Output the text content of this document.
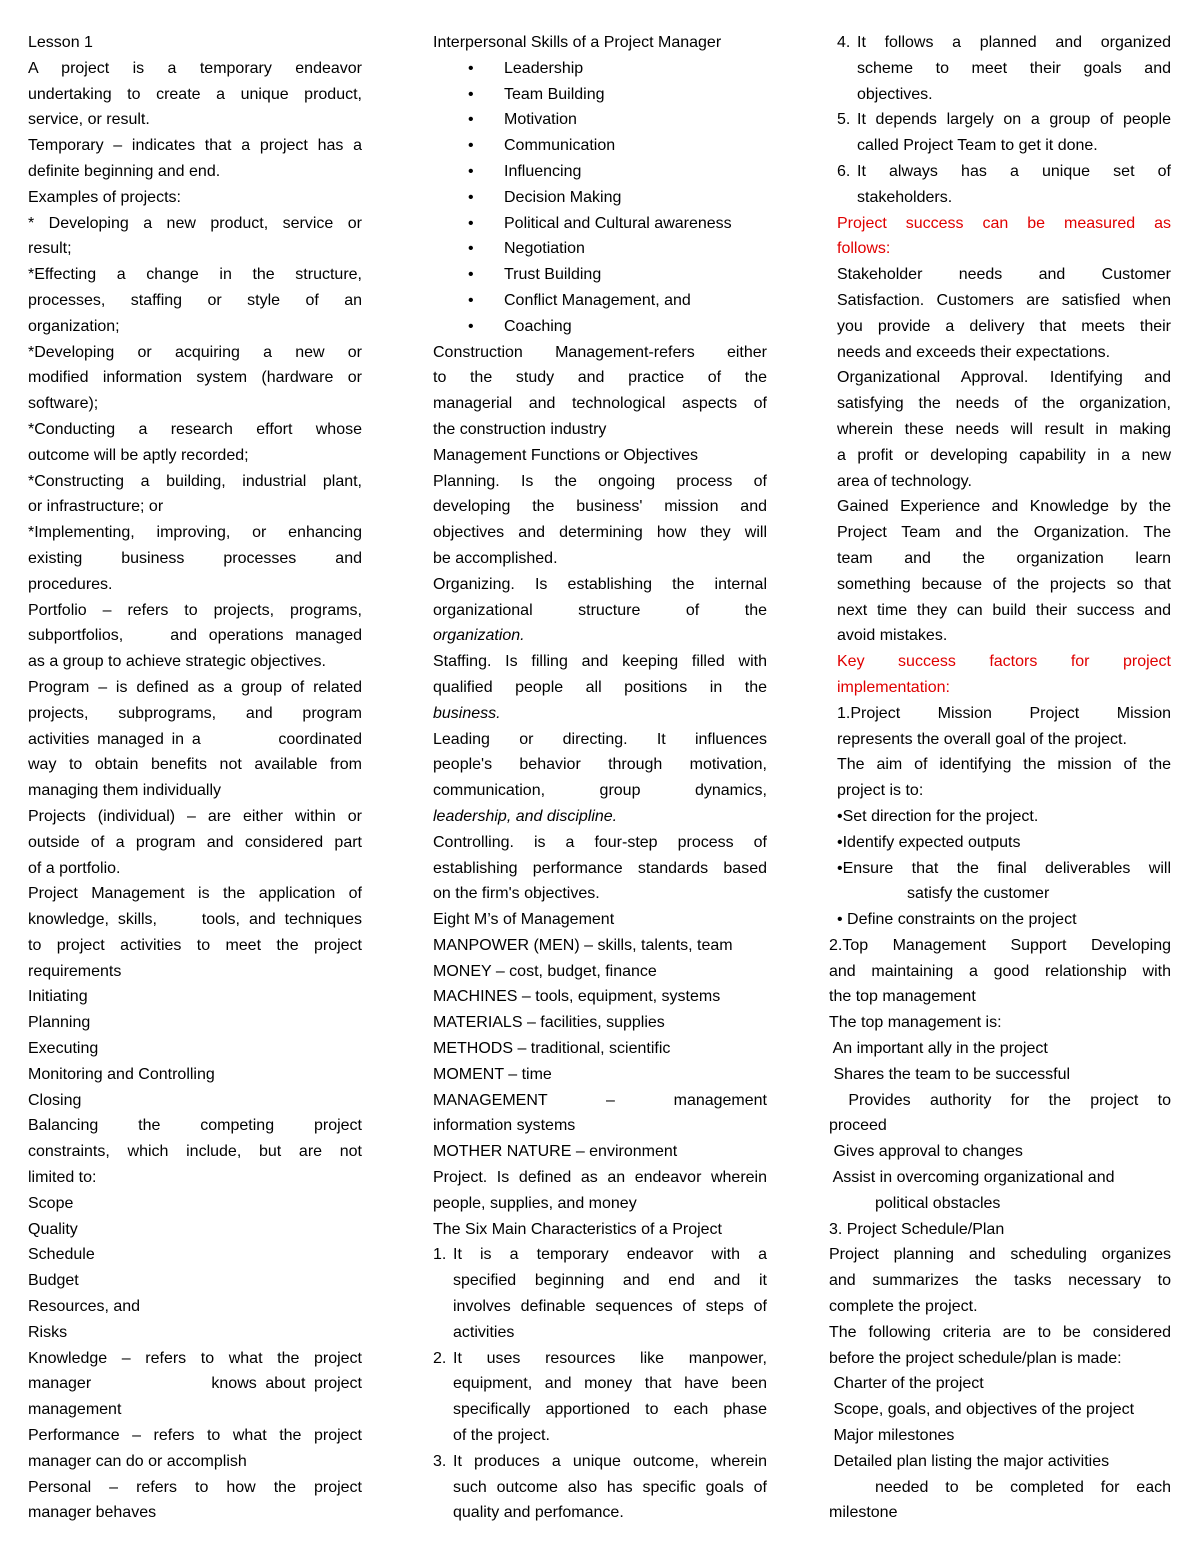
Lesson 1
A   project   is   a   temporary   endeavor
undertaking to create a unique product,
service, or result.
Temporary – indicates that a project has a
definite beginning and end.
Examples of projects:
* Developing a new product, service or
result;
*Effecting a change in the structure,
processes,  staffing  or  style  of  an
organization;
*Developing  or  acquiring  a  new  or
modified information system (hardware or
software);
*Conducting  a  research  effort  whose
outcome will be aptly recorded;
*Constructing a building, industrial plant,
or infrastructure; or
*Implementing, improving, or enhancing
existing     business     processes     and
procedures.
Portfolio – refers to projects, programs,
subportfolios,    and operations managed
as a group to achieve strategic objectives.
Program – is defined as a group of related
projects,  subprograms,  and  program
activities managed in a          coordinated
way to obtain benefits not available from
managing them individually
Projects (individual) – are either within or
outside of a program and considered part
of a portfolio.
Project Management is the application of
knowledge, skills,     tools, and techniques
to project activities to meet the project
requirements
Initiating
Planning
Executing
Monitoring and Controlling
Closing
Balancing   the   competing   project
constraints, which include, but are not
limited to:
Scope
Quality
Schedule
Budget
Resources, and
Risks
Knowledge – refers to what the project
manager              knows about project
management
Performance – refers to what the project
manager can do or accomplish
Personal – refers to how the project
manager behaves
Interpersonal Skills of a Project Manager
•	Leadership
•	Team Building
•	Motivation
•	Communication
•	Influencing
•	Decision Making
•	Political and Cultural awareness
•	Negotiation
•	Trust Building
•	Conflict Management, and
•	Coaching
Construction Management-refers either
to  the  study  and  practice  of  the
managerial and technological aspects of
the construction industry
Management Functions or Objectives
Planning. Is the ongoing process of
developing the business' mission and
objectives and determining how they will
be accomplished.
Organizing. Is establishing the internal
organizational     structure     of     the
organization.
Staffing. Is filling and keeping filled with
qualified people all positions in the
business.
Leading or directing. It influences
people's behavior through motivation,
communication,    group    dynamics,
leadership, and discipline.
Controlling. is a four-step process of
establishing performance standards based
on the firm's objectives.
Eight M’s of Management
MANPOWER (MEN) – skills, talents, team
MONEY – cost, budget, finance
MACHINES – tools, equipment, systems
MATERIALS – facilities, supplies
METHODS – traditional, scientific
MOMENT – time
MANAGEMENT        –        management
information systems
MOTHER NATURE – environment
Project. Is defined as an endeavor wherein
people, supplies, and money
The Six Main Characteristics of a Project
1. It is a temporary endeavor with a
specified beginning and end and it
involves definable sequences of steps of
activities
2. It uses resources like manpower,
equipment, and money that have been
specifically apportioned to each phase
of the project.
3. It produces a unique outcome, wherein
such outcome also has specific goals of
quality and perfomance.
4. It  follows  a  planned  and  organized
scheme  to  meet  their  goals  and
objectives.
5. It depends largely on a group of people
called Project Team to get it done.
6. It  always  has  a  unique  set  of
stakeholders.
Project success can be measured as
follows:
Stakeholder    needs    and    Customer
Satisfaction. Customers are satisfied when
you provide a delivery that meets their
needs and exceeds their expectations.
Organizational Approval. Identifying and
satisfying the needs of the organization,
wherein these needs will result in making
a profit or developing capability in a new
area of technology.
Gained Experience and Knowledge by the
Project Team and the Organization. The
team   and   the   organization   learn
something because of the projects so that
next time they can build their success and
avoid mistakes.
Key    success    factors    for    project
implementation:
1.Project    Mission    Project    Mission
represents the overall goal of the project.
The aim of identifying the mission of the
project is to:
•Set direction for the project.
•Identify expected outputs
•Ensure that the final deliverables will
satisfy the customer
• Define constraints on the project
2.Top Management Support Developing
and maintaining a good relationship with
the top management
The top management is:
An important ally in the project
Shares the team to be successful
Provides authority for the project to
proceed
Gives approval to changes
Assist in overcoming organizational and
political obstacles
3. Project Schedule/Plan
Project planning and scheduling organizes
and summarizes the tasks necessary to
complete the project.
The following criteria are to be considered
before the project schedule/plan is made:
Charter of the project
Scope, goals, and objectives of the project
Major milestones
Detailed plan listing the major activities
needed to be completed for each
milestone
